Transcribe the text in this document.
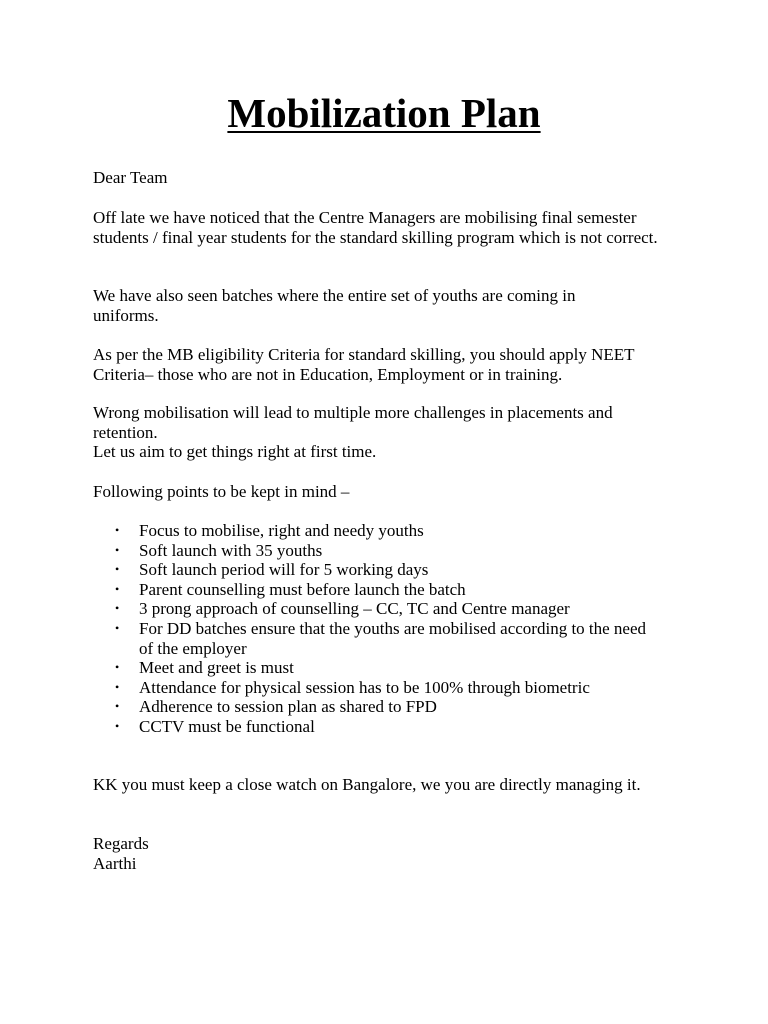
Mobilization Plan
Dear Team
Off late we have noticed that the Centre Managers are mobilising final semester students / final year students for the standard skilling program which is not correct.
We have also seen batches where the entire set of youths are coming in uniforms.
As per the MB eligibility Criteria for standard skilling, you should apply NEET Criteria– those who are not in Education, Employment or in training.
Wrong mobilisation will lead to multiple more challenges in placements and retention.
Let us aim to get things right at first time.
Following points to be kept in mind –
• Focus to mobilise, right and needy youths
• Soft launch with 35 youths
• Soft launch period will for 5 working days
• Parent counselling must before launch the batch
• 3 prong approach of counselling – CC, TC and Centre manager
• For DD batches ensure that the youths are mobilised according to the need of the employer
• Meet and greet is must
• Attendance for physical session has to be 100% through biometric
• Adherence to session plan as shared to FPD
• CCTV must be functional
KK you must keep a close watch on Bangalore, we you are directly managing it.
Regards
Aarthi
